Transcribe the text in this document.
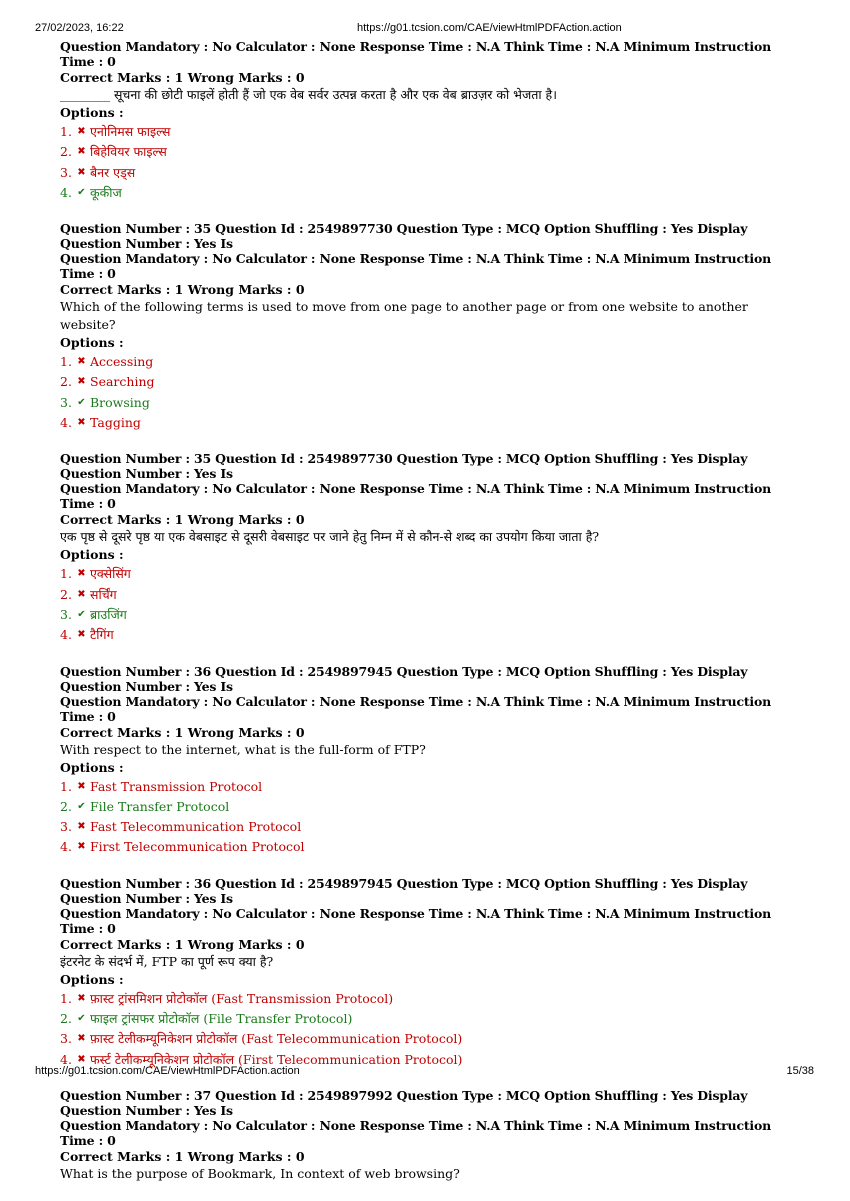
27/02/2023, 16:22	https://g01.tcsion.com/CAE/viewHtmlPDFAction.action
Question Mandatory : No Calculator : None Response Time : N.A Think Time : N.A Minimum Instruction Time : 0
Correct Marks : 1 Wrong Marks : 0
________ सूचना की छोटी फाइलें होती हैं जो एक वेब सर्वर उत्पन्न करता है और एक वेब ब्राउज़र को भेजता है।
Options :
1. ✖ एनोनिमस फाइल्स
2. ✖ बिहेवियर फाइल्स
3. ✖ बैनर एड्स
4. ✔ कूकीज
Question Number : 35 Question Id : 2549897730 Question Type : MCQ Option Shuffling : Yes Display Question Number : Yes Is
Question Mandatory : No Calculator : None Response Time : N.A Think Time : N.A Minimum Instruction Time : 0
Correct Marks : 1 Wrong Marks : 0
Which of the following terms is used to move from one page to another page or from one website to another website?
Options :
1. ✖ Accessing
2. ✖ Searching
3. ✔ Browsing
4. ✖ Tagging
Question Number : 35 Question Id : 2549897730 Question Type : MCQ Option Shuffling : Yes Display Question Number : Yes Is
Question Mandatory : No Calculator : None Response Time : N.A Think Time : N.A Minimum Instruction Time : 0
Correct Marks : 1 Wrong Marks : 0
एक पृष्ठ से दूसरे पृष्ठ या एक वेबसाइट से दूसरी वेबसाइट पर जाने हेतु निम्न में से कौन-से शब्द का उपयोग किया जाता है?
Options :
1. ✖ एक्सेसिंग
2. ✖ सर्चिंग
3. ✔ ब्राउजिंग
4. ✖ टैगिंग
Question Number : 36 Question Id : 2549897945 Question Type : MCQ Option Shuffling : Yes Display Question Number : Yes Is
Question Mandatory : No Calculator : None Response Time : N.A Think Time : N.A Minimum Instruction Time : 0
Correct Marks : 1 Wrong Marks : 0
With respect to the internet, what is the full-form of FTP?
Options :
1. ✖ Fast Transmission Protocol
2. ✔ File Transfer Protocol
3. ✖ Fast Telecommunication Protocol
4. ✖ First Telecommunication Protocol
Question Number : 36 Question Id : 2549897945 Question Type : MCQ Option Shuffling : Yes Display Question Number : Yes Is
Question Mandatory : No Calculator : None Response Time : N.A Think Time : N.A Minimum Instruction Time : 0
Correct Marks : 1 Wrong Marks : 0
इंटरनेट के संदर्भ में, FTP का पूर्ण रूप क्या है?
Options :
1. ✖ फ़ास्ट ट्रांसमिशन प्रोटोकॉल (Fast Transmission Protocol)
2. ✔ फाइल ट्रांसफर प्रोटोकॉल (File Transfer Protocol)
3. ✖ फ़ास्ट टेलीकम्यूनिकेशन प्रोटोकॉल (Fast Telecommunication Protocol)
4. ✖ फर्स्ट टेलीकम्यूनिकेशन प्रोटोकॉल (First Telecommunication Protocol)
Question Number : 37 Question Id : 2549897992 Question Type : MCQ Option Shuffling : Yes Display Question Number : Yes Is
Question Mandatory : No Calculator : None Response Time : N.A Think Time : N.A Minimum Instruction Time : 0
Correct Marks : 1 Wrong Marks : 0
What is the purpose of Bookmark, In context of web browsing?
https://g01.tcsion.com/CAE/viewHtmlPDFAction.action	15/38
